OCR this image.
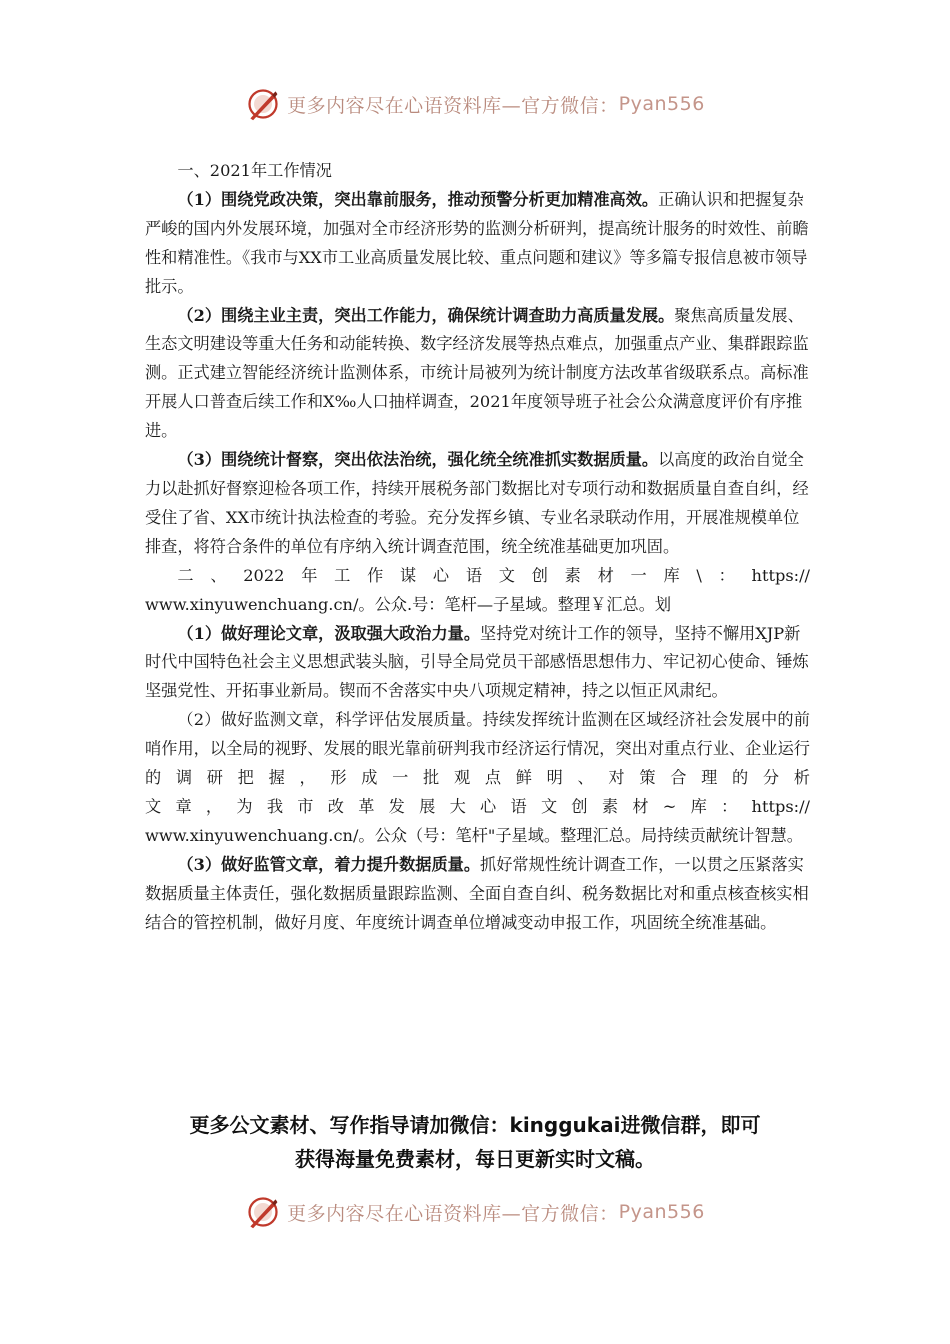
更多内容尽在心语资料库—官方微信： Pyan556

一、2021年工作情况

（1）围绕党政决策，突出靠前服务，推动预警分析更加精准高效。正确认识和把握复杂严峻的国内外发展环境，加强对全市经济形势的监测分析研判，提高统计服务的时效性、前瞻性和精准性。《我市与XX市工业高质量发展比较、重点问题和建议》等多篇专报信息被市领导批示。

（2）围绕主业主责，突出工作能力，确保统计调查助力高质量发展。聚焦高质量发展、生态文明建设等重大任务和动能转换、数字经济发展等热点难点，加强重点产业、集群跟踪监测。正式建立智能经济统计监测体系，市统计局被列为统计制度方法改革省级联系点。高标准开展人口普查后续工作和X‰人口抽样调查，2021年度领导班子社会公众满意度评价有序推进。

（3）围绕统计督察，突出依法治统，强化统全统准抓实数据质量。以高度的政治自觉全力以赴抓好督察迎检各项工作，持续开展税务部门数据比对专项行动和数据质量自查自纠，经受住了省、XX市统计执法检查的考验。充分发挥乡镇、专业名录联动作用，开展准规模单位排查，将符合条件的单位有序纳入统计调查范围，统全统准基础更加巩固。

二、2022年工作谋心语文创素材一库\：https://

www.xinyuwenchuang.cn/。公众.号：笔杆—子星域。整理￥汇总。划

（1）做好理论文章，汲取强大政治力量。坚持党对统计工作的领导，坚持不懈用XJP新时代中国特色社会主义思想武装头脑，引导全局党员干部感悟思想伟力、牢记初心使命、锤炼坚强党性、开拓事业新局。锲而不舍落实中央八项规定精神，持之以恒正风肃纪。

（2）做好监测文章，科学评估发展质量。持续发挥统计监测在区域经济社会发展中的前哨作用，以全局的视野、发展的眼光靠前研判我市经济运行情况，突出对重点行业、企业运行的调研把握，形成一批观点鲜明、对策合理的分析

文章，为我市改革发展大心语文创素材~库：https://

www.xinyuwenchuang.cn/。公众（号：笔杆"子星域。整理汇总。局持续贡献统计智慧。

（3）做好监管文章，着力提升数据质量。抓好常规性统计调查工作，一以贯之压紧落实数据质量主体责任，强化数据质量跟踪监测、全面自查自纠、税务数据比对和重点核查核实相结合的管控机制，做好月度、年度统计调查单位增减变动申报工作，巩固统全统准基础。

更多公文素材、写作指导请加微信：kinggukai进微信群，即可
获得海量免费素材，每日更新实时文稿。
更多内容尽在心语资料库—官方微信： Pyan556
